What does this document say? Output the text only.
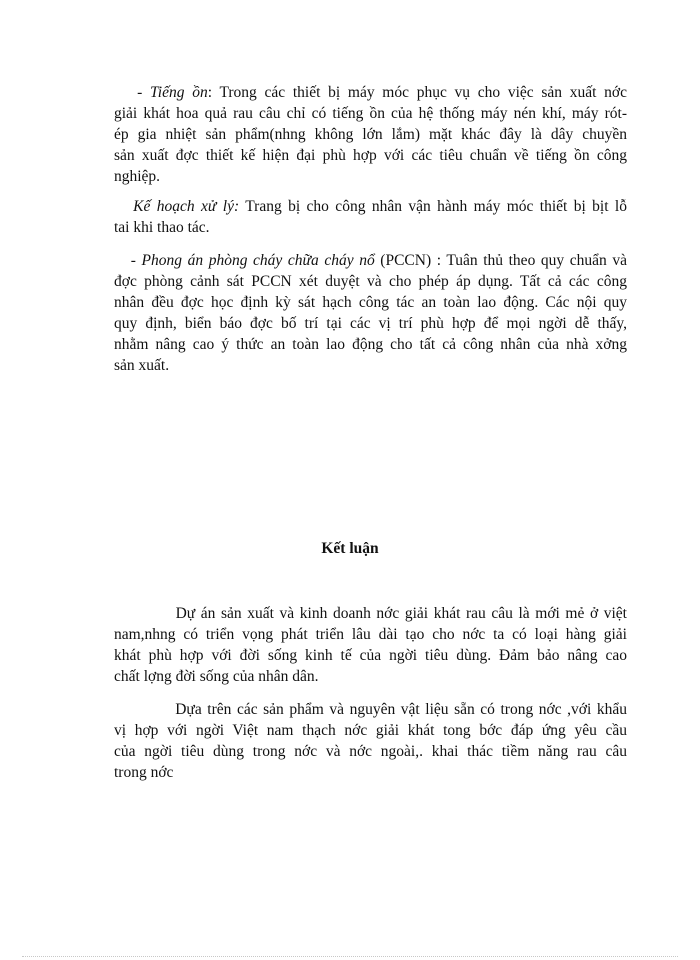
- Tiếng ồn: Trong các thiết bị máy móc phục vụ cho việc sản xuất nớc
giải khát hoa quả rau câu chỉ có tiếng ồn của hệ thống máy nén khí, máy rót-
ép gia nhiệt sản phẩm(nhng không lớn lắm) mặt khác đây là dây chuyền
sản xuất đợc thiết kế hiện đại phù hợp với các tiêu chuẩn về tiếng ồn công
nghiệp.
Kế hoạch xử lý: Trang bị cho công nhân vận hành máy móc thiết bị bịt lỗ
tai khi thao tác.
- Phong án phòng cháy chữa cháy nổ (PCCN) : Tuân thủ theo quy chuẩn và
đợc phòng cảnh sát PCCN xét duyệt và cho phép áp dụng. Tất cả các công
nhân đều đợc học định kỳ sát hạch công tác an toàn lao động. Các nội quy
quy định, biển báo đợc bố trí tại các vị trí phù hợp để mọi ngời dễ thấy,
nhằm nâng cao ý thức an toàn lao động cho tất cả công nhân của nhà xởng
sản xuất.
Kết luận
Dự án sản xuất và kinh doanh nớc giải khát rau câu là mới mẻ ở việt
nam,nhng có triển vọng phát triển lâu dài tạo cho nớc ta có loại hàng giải
khát phù hợp với đời sống kinh tế của ngời tiêu dùng. Đảm bảo nâng cao
chất lợng đời sống của nhân dân.
Dựa trên các sản phẩm và nguyên vật liệu sẵn có trong nớc ,với khẩu
vị hợp với ngời Việt nam thạch nớc giải khát tong bớc đáp ứng yêu cầu
của ngời tiêu dùng trong nớc và nớc ngoài,. khai thác tiềm năng rau câu
trong nớc
